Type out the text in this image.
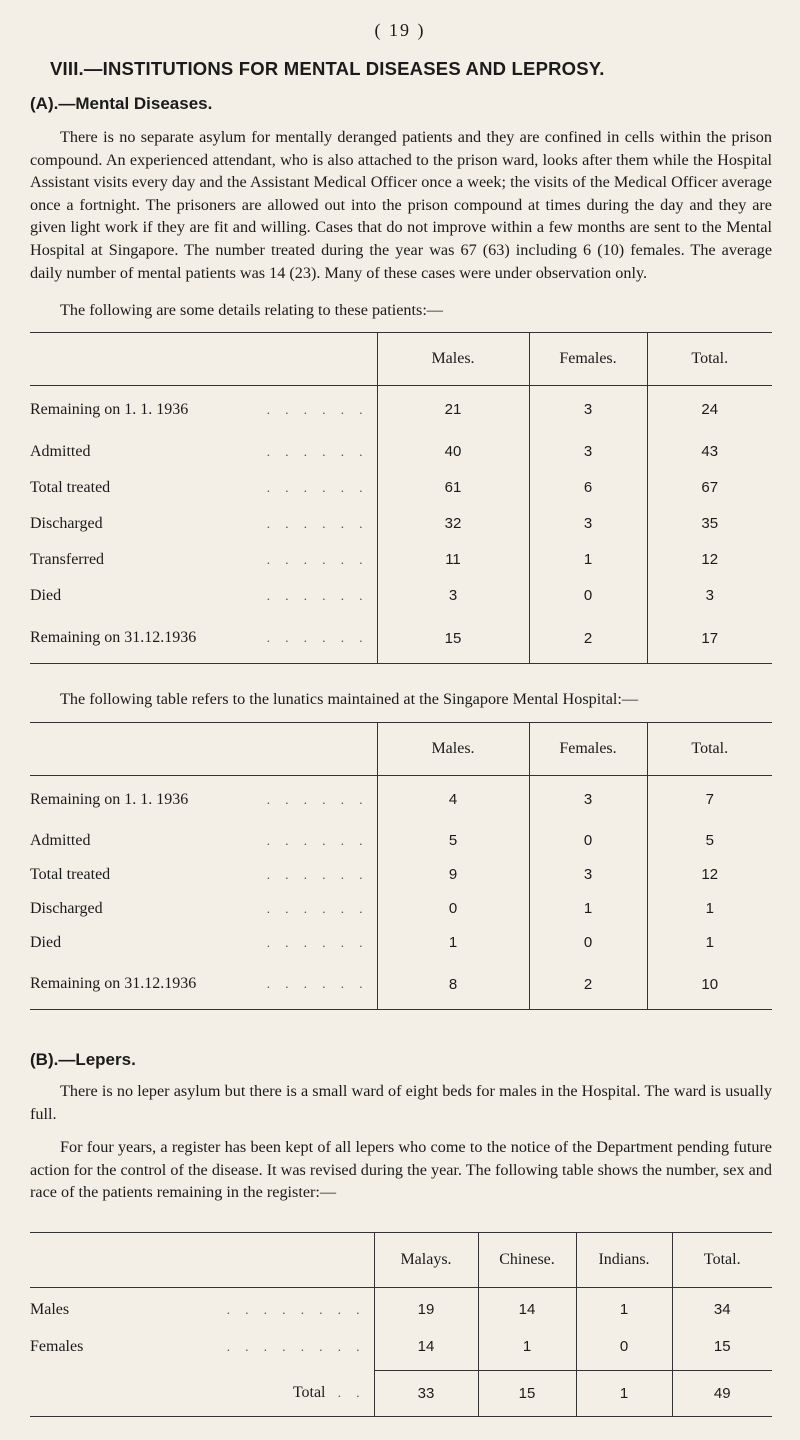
( 19 )
VIII.—INSTITUTIONS FOR MENTAL DISEASES AND LEPROSY.
(A).—Mental Diseases.

There is no separate asylum for mentally deranged patients and they are confined in cells within the prison compound. An experienced attendant, who is also attached to the prison ward, looks after them while the Hospital Assistant visits every day and the Assistant Medical Officer once a week; the visits of the Medical Officer average once a fortnight. The prisoners are allowed out into the prison compound at times during the day and they are given light work if they are fit and willing. Cases that do not improve within a few months are sent to the Mental Hospital at Singapore. The number treated during the year was 67 (63) including 6 (10) females. The average daily number of mental patients was 14 (23). Many of these cases were under observation only.

The following are some details relating to these patients:—

	Males.	Females.	Total.
Remaining on 1. 1. 1936 . . . . . .	21	3	24
Admitted . . . . . .	40	3	43
Total treated . . . . . .	61	6	67
Discharged . . . . . .	32	3	35
Transferred . . . . . .	11	1	12
Died . . . . . .	3	0	3
Remaining on 31.12.1936 . . . . . .	15	2	17

The following table refers to the lunatics maintained at the Singapore Mental Hospital:—

	Males.	Females.	Total.
Remaining on 1. 1. 1936 . . . . . .	4	3	7
Admitted . . . . . .	5	0	5
Total treated . . . . . .	9	3	12
Discharged . . . . . .	0	1	1
Died . . . . . .	1	0	1
Remaining on 31.12.1936 . . . . . .	8	2	10
(B).—Lepers.

There is no leper asylum but there is a small ward of eight beds for males in the Hospital. The ward is usually full.

For four years, a register has been kept of all lepers who come to the notice of the Department pending future action for the control of the disease. It was revised during the year. The following table shows the number, sex and race of the patients remaining in the register:—

	Malays.	Chinese.	Indians.	Total.
Males . . . . . . . .	19	14	1	34
Females . . . . . . . .	14	1	0	15

Total . .	33	15	1	49
